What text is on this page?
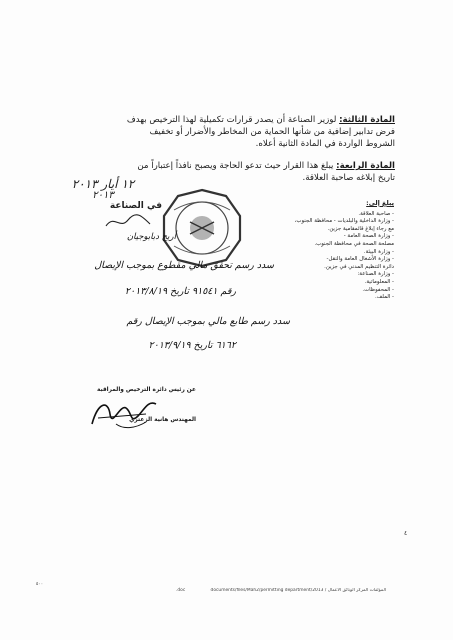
المادة الثالثة: لوزير الصناعة أن يصدر قرارات تكميلية لهذا الترخيص بهدف فرض تدابير إضافية من شأنها الحماية من المخاطر والأضرار أو تخفيف الشروط الواردة في المادة الثانية أعلاه.
المادة الرابعة: يبلغ هذا القرار حيث تدعو الحاجة ويصبح نافذاً إعتباراً من تاريخ إبلاغه صاحبة العلاقة.
١٢ أيار ٢٠١٣
٢٠١٣
في الصناعة
أريج دبابوجيان
يبلغ إلى:
- صاحبة العلاقة.
- وزارة الداخلية والبلديات - محافظة الجنوب،
مع رجاء إبلاغ قائمقامية جزين.
- وزارة الصحة العامة -
مصلحة الصحة في محافظة الجنوب.
- وزارة البيئة.
- وزارة الأشغال العامة والنقل-
دائرة التنظيم المدني في جزين.
- وزارة الصناعة:
- المعلوماتية.
- المحفوظات.
- الملف.
سدد رسم تحقق مالي مقطوع بموجب الإيصال
رقم ٩١٥٤١ تاريخ ٢٠١٣/٨/١٩
سدد رسم طابع مالي بموجب الإيصال رقم
٦١٦٢ تاريخ ٢٠١٣/٩/١٩
عن رئيس دائرة الترخيص والمراقبة
المهندس هانية الزعتري
٤
٥٠٠
.doc	المؤلفات المركز الوثائق الأعمال / 2013/documents/files/Mah2/permitting department
